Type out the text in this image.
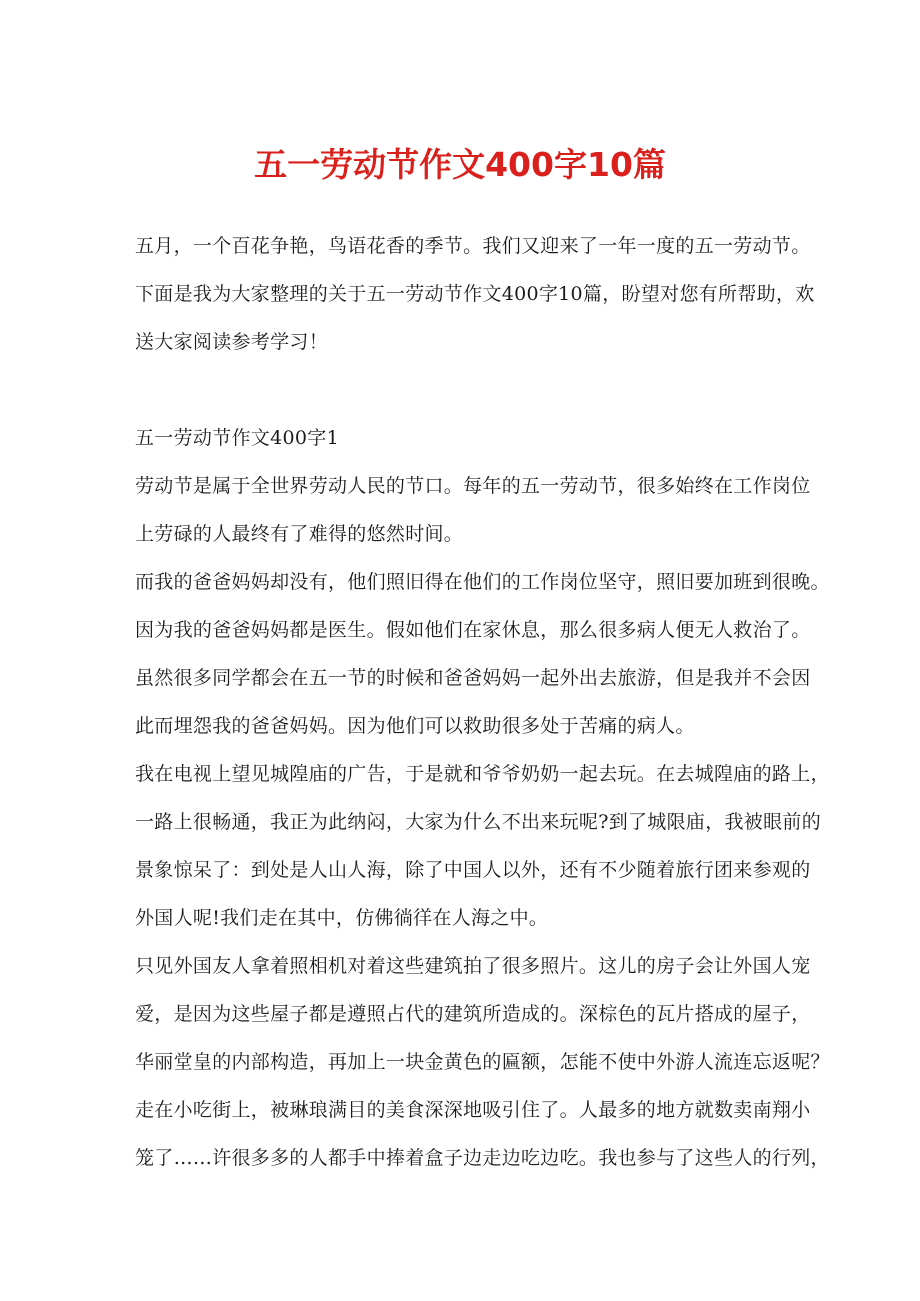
五一劳动节作文400字10篇
五月，一个百花争艳，鸟语花香的季节。我们又迎来了一年一度的五一劳动节。
下面是我为大家整理的关于五一劳动节作文400字10篇，盼望对您有所帮助，欢
送大家阅读参考学习！
五一劳动节作文400字1
劳动节是属于全世界劳动人民的节口。每年的五一劳动节，很多始终在工作岗位
上劳碌的人最终有了难得的悠然时间。
而我的爸爸妈妈却没有，他们照旧得在他们的工作岗位坚守，照旧要加班到很晚。
因为我的爸爸妈妈都是医生。假如他们在家休息，那么很多病人便无人救治了。
虽然很多同学都会在五一节的时候和爸爸妈妈一起外出去旅游，但是我并不会因
此而埋怨我的爸爸妈妈。因为他们可以救助很多处于苦痛的病人。
我在电视上望见城隍庙的广告，于是就和爷爷奶奶一起去玩。在去城隍庙的路上，
一路上很畅通，我正为此纳闷，大家为什么不出来玩呢?到了城限庙，我被眼前的
景象惊呆了：到处是人山人海，除了中国人以外，还有不少随着旅行团来参观的
外国人呢!我们走在其中，仿佛徜徉在人海之中。
只见外国友人拿着照相机对着这些建筑拍了很多照片。这儿的房子会让外国人宠
爱，是因为这些屋子都是遵照占代的建筑所造成的。深棕色的瓦片搭成的屋子，
华丽堂皇的内部构造，再加上一块金黄色的匾额，怎能不使中外游人流连忘返呢？
走在小吃街上，被琳琅满目的美食深深地吸引住了。人最多的地方就数卖南翔小
笼了……许很多多的人都手中捧着盒子边走边吃边吃。我也参与了这些人的行列，
